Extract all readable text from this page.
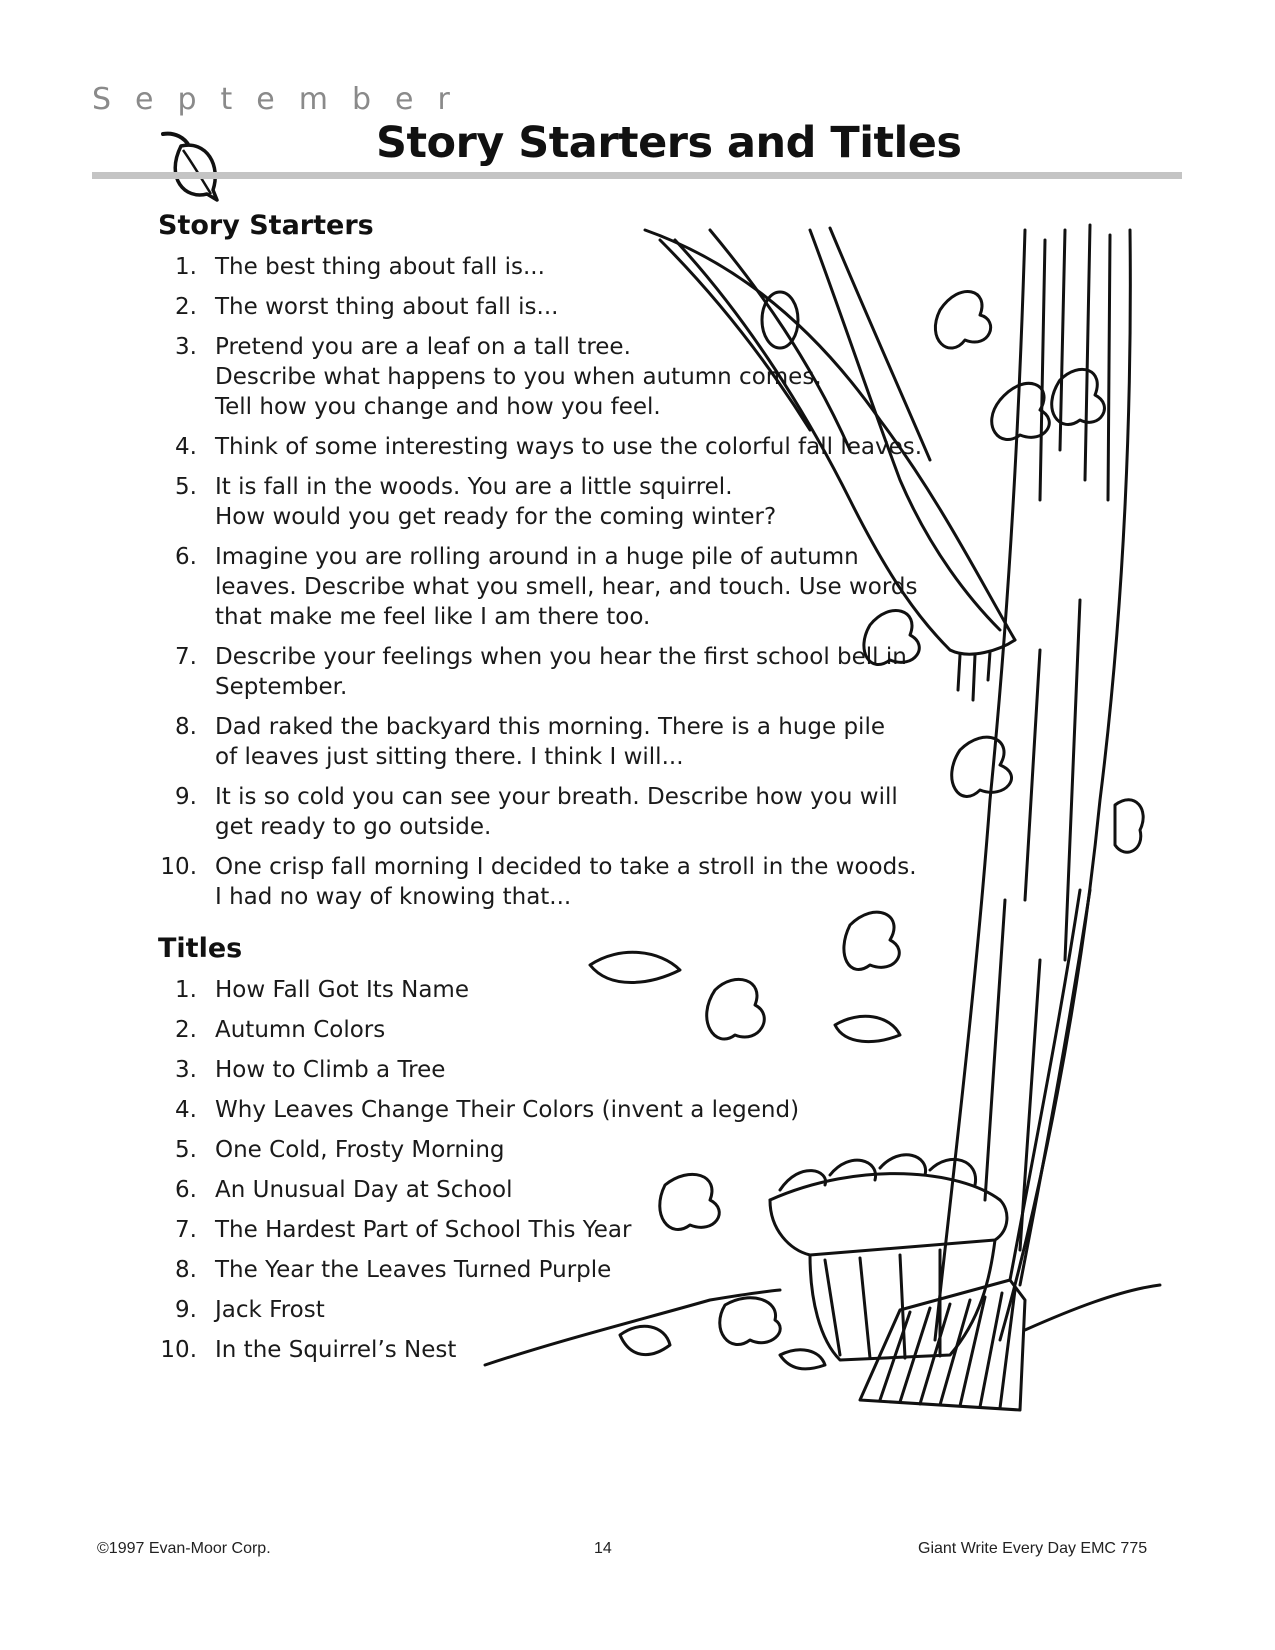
September
Story Starters and Titles
Story Starters
1. The best thing about fall is...
2. The worst thing about fall is...
3. Pretend you are a leaf on a tall tree.
Describe what happens to you when autumn comes.
Tell how you change and how you feel.
4. Think of some interesting ways to use the colorful fall leaves.
5. It is fall in the woods. You are a little squirrel.
How would you get ready for the coming winter?
6. Imagine you are rolling around in a huge pile of autumn
leaves. Describe what you smell, hear, and touch. Use words
that make me feel like I am there too.
7. Describe your feelings when you hear the first school bell in
September.
8. Dad raked the backyard this morning. There is a huge pile
of leaves just sitting there. I think I will...
9. It is so cold you can see your breath. Describe how you will
get ready to go outside.
10. One crisp fall morning I decided to take a stroll in the woods.
I had no way of knowing that...
Titles
1. How Fall Got Its Name
2. Autumn Colors
3. How to Climb a Tree
4. Why Leaves Change Their Colors (invent a legend)
5. One Cold, Frosty Morning
6. An Unusual Day at School
7. The Hardest Part of School This Year
8. The Year the Leaves Turned Purple
9. Jack Frost
10. In the Squirrel’s Nest
©1997 Evan-Moor Corp.	14	Giant Write Every Day EMC 775
